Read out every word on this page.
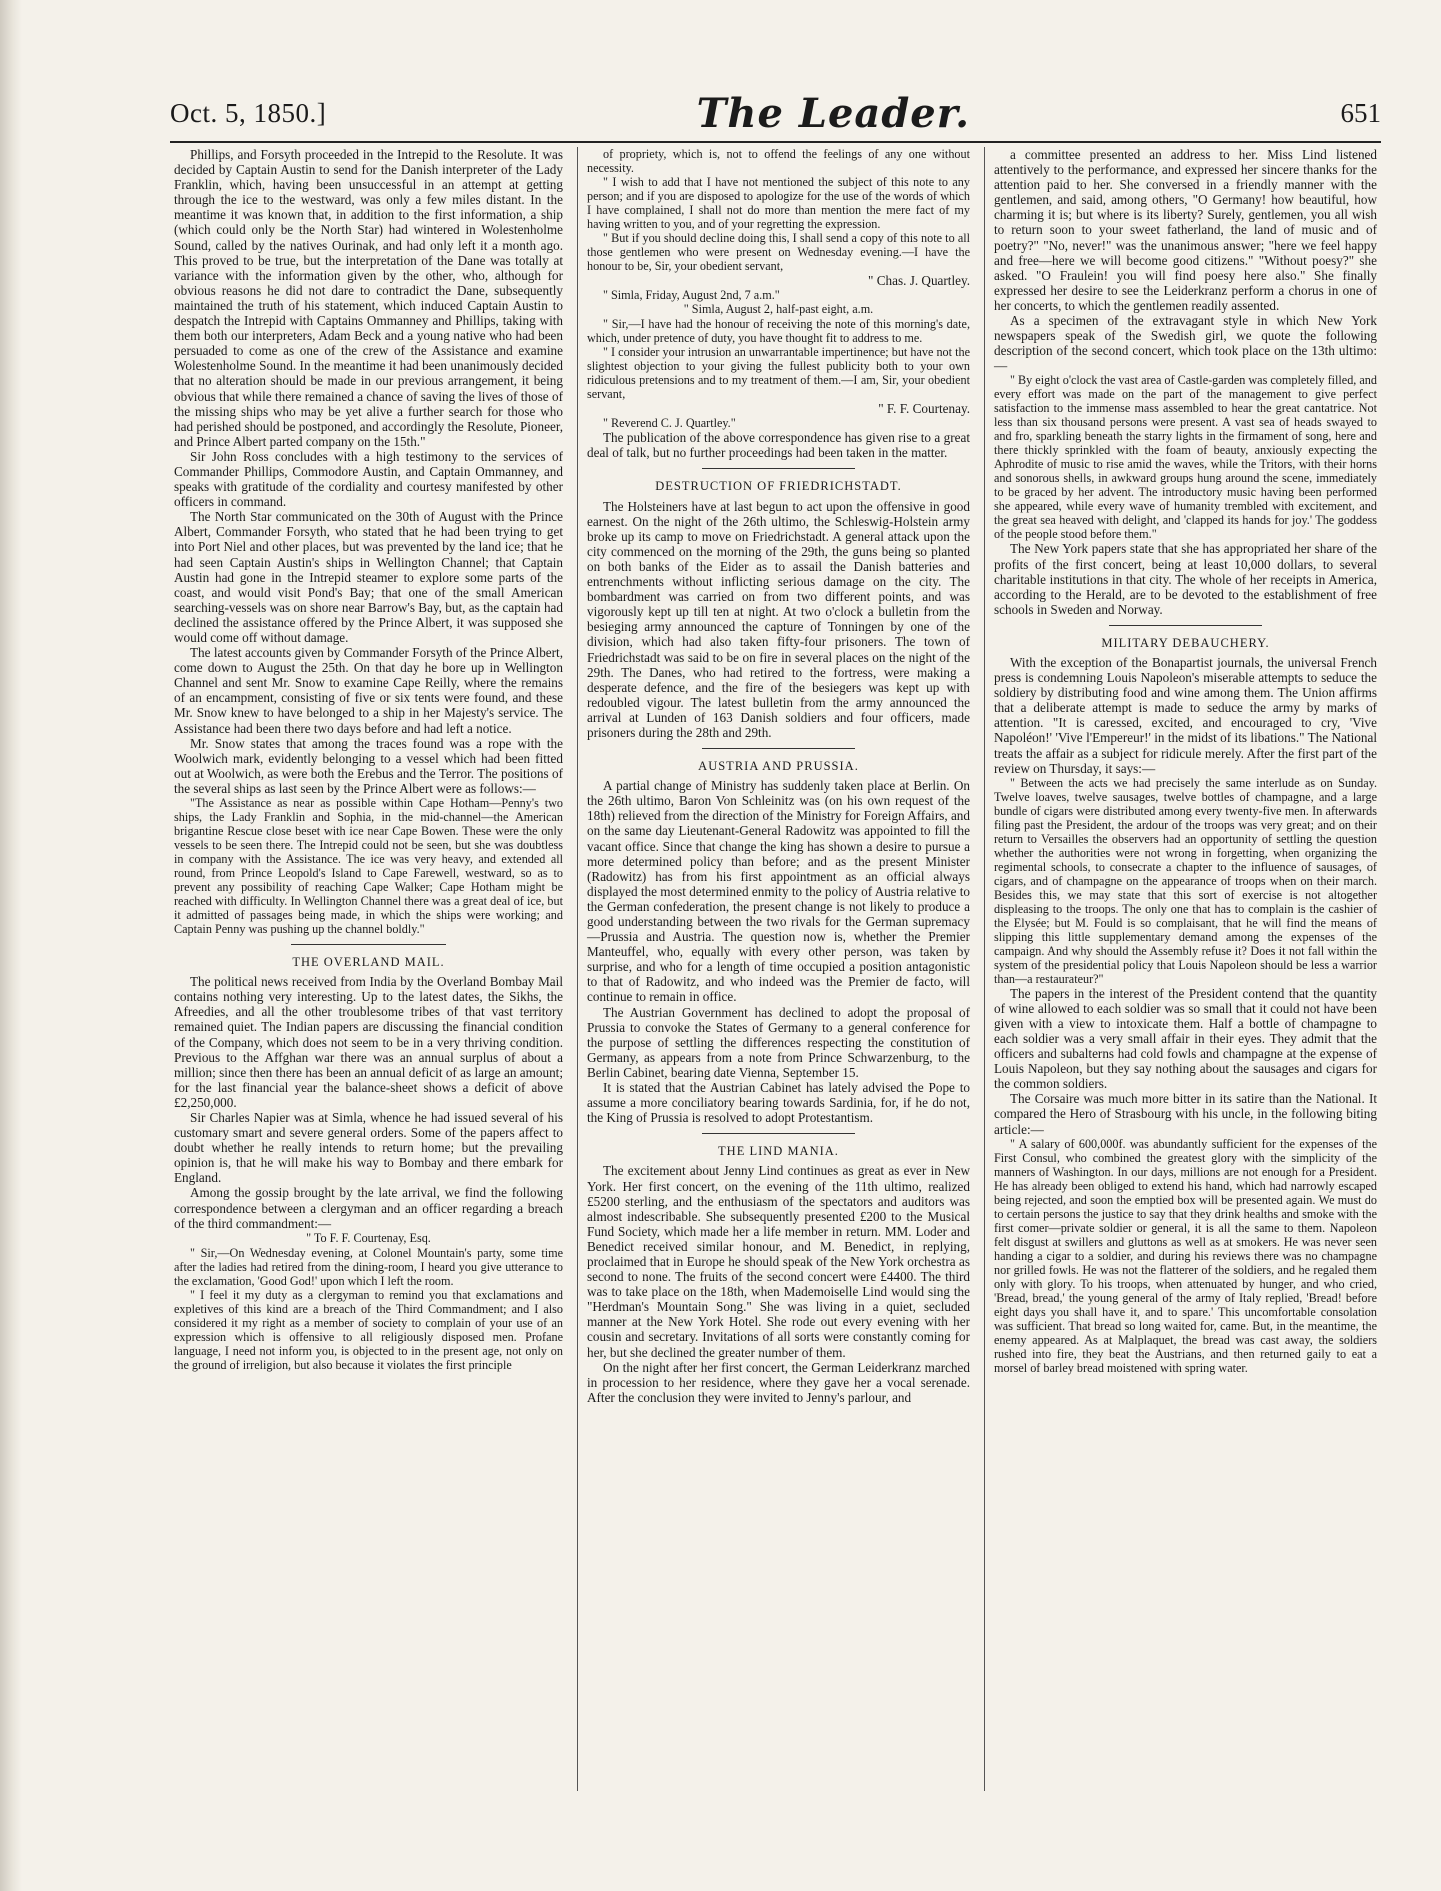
Oct. 5, 1850.]	The Leader.	651

Phillips, and Forsyth proceeded in the Intrepid to the Resolute. It was decided by Captain Austin to send for the Danish interpreter of the Lady Franklin, which, having been unsuccessful in an attempt at getting through the ice to the westward, was only a few miles distant. In the meantime it was known that, in addition to the first information, a ship (which could only be the North Star) had wintered in Wolestenholme Sound, called by the natives Ourinak, and had only left it a month ago. This proved to be true, but the interpretation of the Dane was totally at variance with the information given by the other, who, although for obvious reasons he did not dare to contradict the Dane, subsequently maintained the truth of his statement, which induced Captain Austin to despatch the Intrepid with Captains Ommanney and Phillips, taking with them both our interpreters, Adam Beck and a young native who had been persuaded to come as one of the crew of the Assistance and examine Wolestenholme Sound. In the meantime it had been unanimously decided that no alteration should be made in our previous arrangement, it being obvious that while there remained a chance of saving the lives of those of the missing ships who may be yet alive a further search for those who had perished should be postponed, and accordingly the Resolute, Pioneer, and Prince Albert parted company on the 15th."

Sir John Ross concludes with a high testimony to the services of Commander Phillips, Commodore Austin, and Captain Ommanney, and speaks with gratitude of the cordiality and courtesy manifested by other officers in command.

The North Star communicated on the 30th of August with the Prince Albert, Commander Forsyth, who stated that he had been trying to get into Port Niel and other places, but was prevented by the land ice; that he had seen Captain Austin's ships in Wellington Channel; that Captain Austin had gone in the Intrepid steamer to explore some parts of the coast, and would visit Pond's Bay; that one of the small American searching-vessels was on shore near Barrow's Bay, but, as the captain had declined the assistance offered by the Prince Albert, it was supposed she would come off without damage.

The latest accounts given by Commander Forsyth of the Prince Albert, come down to August the 25th. On that day he bore up in Wellington Channel and sent Mr. Snow to examine Cape Reilly, where the remains of an encampment, consisting of five or six tents were found, and these Mr. Snow knew to have belonged to a ship in her Majesty's service. The Assistance had been there two days before and had left a notice.

Mr. Snow states that among the traces found was a rope with the Woolwich mark, evidently belonging to a vessel which had been fitted out at Woolwich, as were both the Erebus and the Terror. The positions of the several ships as last seen by the Prince Albert were as follows:—

"The Assistance as near as possible within Cape Hotham—Penny's two ships, the Lady Franklin and Sophia, in the mid-channel—the American brigantine Rescue close beset with ice near Cape Bowen. These were the only vessels to be seen there. The Intrepid could not be seen, but she was doubtless in company with the Assistance. The ice was very heavy, and extended all round, from Prince Leopold's Island to Cape Farewell, westward, so as to prevent any possibility of reaching Cape Walker; Cape Hotham might be reached with difficulty. In Wellington Channel there was a great deal of ice, but it admitted of passages being made, in which the ships were working; and Captain Penny was pushing up the channel boldly."

THE OVERLAND MAIL.

The political news received from India by the Overland Bombay Mail contains nothing very interesting. Up to the latest dates, the Sikhs, the Afreedies, and all the other troublesome tribes of that vast territory remained quiet. The Indian papers are discussing the financial condition of the Company, which does not seem to be in a very thriving condition. Previous to the Affghan war there was an annual surplus of about a million; since then there has been an annual deficit of as large an amount; for the last financial year the balance-sheet shows a deficit of above £2,250,000.

Sir Charles Napier was at Simla, whence he had issued several of his customary smart and severe general orders. Some of the papers affect to doubt whether he really intends to return home; but the prevailing opinion is, that he will make his way to Bombay and there embark for England.

Among the gossip brought by the late arrival, we find the following correspondence between a clergyman and an officer regarding a breach of the third commandment:—

" To F. F. Courtenay, Esq.

" Sir,—On Wednesday evening, at Colonel Mountain's party, some time after the ladies had retired from the dining-room, I heard you give utterance to the exclamation, 'Good God!' upon which I left the room.

" I feel it my duty as a clergyman to remind you that exclamations and expletives of this kind are a breach of the Third Commandment; and I also considered it my right as a member of society to complain of your use of an expression which is offensive to all religiously disposed men. Profane language, I need not inform you, is objected to in the present age, not only on the ground of irreligion, but also because it violates the first principle

of propriety, which is, not to offend the feelings of any one without necessity.

" I wish to add that I have not mentioned the subject of this note to any person; and if you are disposed to apologize for the use of the words of which I have complained, I shall not do more than mention the mere fact of my having written to you, and of your regretting the expression.

" But if you should decline doing this, I shall send a copy of this note to all those gentlemen who were present on Wednesday evening.—I have the honour to be, Sir, your obedient servant,

" Chas. J. Quartley.

" Simla, Friday, August 2nd, 7 a.m."

" Simla, August 2, half-past eight, a.m.

" Sir,—I have had the honour of receiving the note of this morning's date, which, under pretence of duty, you have thought fit to address to me.

" I consider your intrusion an unwarrantable impertinence; but have not the slightest objection to your giving the fullest publicity both to your own ridiculous pretensions and to my treatment of them.—I am, Sir, your obedient servant,

" F. F. Courtenay.

" Reverend C. J. Quartley."

The publication of the above correspondence has given rise to a great deal of talk, but no further proceedings had been taken in the matter.

DESTRUCTION OF FRIEDRICHSTADT.

The Holsteiners have at last begun to act upon the offensive in good earnest. On the night of the 26th ultimo, the Schleswig-Holstein army broke up its camp to move on Friedrichstadt. A general attack upon the city commenced on the morning of the 29th, the guns being so planted on both banks of the Eider as to assail the Danish batteries and entrenchments without inflicting serious damage on the city. The bombardment was carried on from two different points, and was vigorously kept up till ten at night. At two o'clock a bulletin from the besieging army announced the capture of Tonningen by one of the division, which had also taken fifty-four prisoners. The town of Friedrichstadt was said to be on fire in several places on the night of the 29th. The Danes, who had retired to the fortress, were making a desperate defence, and the fire of the besiegers was kept up with redoubled vigour. The latest bulletin from the army announced the arrival at Lunden of 163 Danish soldiers and four officers, made prisoners during the 28th and 29th.

AUSTRIA AND PRUSSIA.

A partial change of Ministry has suddenly taken place at Berlin. On the 26th ultimo, Baron Von Schleinitz was (on his own request of the 18th) relieved from the direction of the Ministry for Foreign Affairs, and on the same day Lieutenant-General Radowitz was appointed to fill the vacant office. Since that change the king has shown a desire to pursue a more determined policy than before; and as the present Minister (Radowitz) has from his first appointment as an official always displayed the most determined enmity to the policy of Austria relative to the German confederation, the present change is not likely to produce a good understanding between the two rivals for the German supremacy—Prussia and Austria. The question now is, whether the Premier Manteuffel, who, equally with every other person, was taken by surprise, and who for a length of time occupied a position antagonistic to that of Radowitz, and who indeed was the Premier de facto, will continue to remain in office.

The Austrian Government has declined to adopt the proposal of Prussia to convoke the States of Germany to a general conference for the purpose of settling the differences respecting the constitution of Germany, as appears from a note from Prince Schwarzenburg, to the Berlin Cabinet, bearing date Vienna, September 15.

It is stated that the Austrian Cabinet has lately advised the Pope to assume a more conciliatory bearing towards Sardinia, for, if he do not, the King of Prussia is resolved to adopt Protestantism.

THE LIND MANIA.

The excitement about Jenny Lind continues as great as ever in New York. Her first concert, on the evening of the 11th ultimo, realized £5200 sterling, and the enthusiasm of the spectators and auditors was almost indescribable. She subsequently presented £200 to the Musical Fund Society, which made her a life member in return. MM. Loder and Benedict received similar honour, and M. Benedict, in replying, proclaimed that in Europe he should speak of the New York orchestra as second to none. The fruits of the second concert were £4400. The third was to take place on the 18th, when Mademoiselle Lind would sing the "Herdman's Mountain Song." She was living in a quiet, secluded manner at the New York Hotel. She rode out every evening with her cousin and secretary. Invitations of all sorts were constantly coming for her, but she declined the greater number of them.

On the night after her first concert, the German Leiderkranz marched in procession to her residence, where they gave her a vocal serenade. After the conclusion they were invited to Jenny's parlour, and

a committee presented an address to her. Miss Lind listened attentively to the performance, and expressed her sincere thanks for the attention paid to her. She conversed in a friendly manner with the gentlemen, and said, among others, "O Germany! how beautiful, how charming it is; but where is its liberty? Surely, gentlemen, you all wish to return soon to your sweet fatherland, the land of music and of poetry?" "No, never!" was the unanimous answer; "here we feel happy and free—here we will become good citizens." "Without poesy?" she asked. "O Fraulein! you will find poesy here also." She finally expressed her desire to see the Leiderkranz perform a chorus in one of her concerts, to which the gentlemen readily assented.

As a specimen of the extravagant style in which New York newspapers speak of the Swedish girl, we quote the following description of the second concert, which took place on the 13th ultimo:—

" By eight o'clock the vast area of Castle-garden was completely filled, and every effort was made on the part of the management to give perfect satisfaction to the immense mass assembled to hear the great cantatrice. Not less than six thousand persons were present. A vast sea of heads swayed to and fro, sparkling beneath the starry lights in the firmament of song, here and there thickly sprinkled with the foam of beauty, anxiously expecting the Aphrodite of music to rise amid the waves, while the Tritors, with their horns and sonorous shells, in awkward groups hung around the scene, immediately to be graced by her advent. The introductory music having been performed she appeared, while every wave of humanity trembled with excitement, and the great sea heaved with delight, and 'clapped its hands for joy.' The goddess of the people stood before them."

The New York papers state that she has appropriated her share of the profits of the first concert, being at least 10,000 dollars, to several charitable institutions in that city. The whole of her receipts in America, according to the Herald, are to be devoted to the establishment of free schools in Sweden and Norway.

MILITARY DEBAUCHERY.

With the exception of the Bonapartist journals, the universal French press is condemning Louis Napoleon's miserable attempts to seduce the soldiery by distributing food and wine among them. The Union affirms that a deliberate attempt is made to seduce the army by marks of attention. "It is caressed, excited, and encouraged to cry, 'Vive Napoléon!' 'Vive l'Empereur!' in the midst of its libations." The National treats the affair as a subject for ridicule merely. After the first part of the review on Thursday, it says:—

" Between the acts we had precisely the same interlude as on Sunday. Twelve loaves, twelve sausages, twelve bottles of champagne, and a large bundle of cigars were distributed among every twenty-five men. In afterwards filing past the President, the ardour of the troops was very great; and on their return to Versailles the observers had an opportunity of settling the question whether the authorities were not wrong in forgetting, when organizing the regimental schools, to consecrate a chapter to the influence of sausages, of cigars, and of champagne on the appearance of troops when on their march. Besides this, we may state that this sort of exercise is not altogether displeasing to the troops. The only one that has to complain is the cashier of the Elysée; but M. Fould is so complaisant, that he will find the means of slipping this little supplementary demand among the expenses of the campaign. And why should the Assembly refuse it? Does it not fall within the system of the presidential policy that Louis Napoleon should be less a warrior than—a restaurateur?"

The papers in the interest of the President contend that the quantity of wine allowed to each soldier was so small that it could not have been given with a view to intoxicate them. Half a bottle of champagne to each soldier was a very small affair in their eyes. They admit that the officers and subalterns had cold fowls and champagne at the expense of Louis Napoleon, but they say nothing about the sausages and cigars for the common soldiers.

The Corsaire was much more bitter in its satire than the National. It compared the Hero of Strasbourg with his uncle, in the following biting article:—

" A salary of 600,000f. was abundantly sufficient for the expenses of the First Consul, who combined the greatest glory with the simplicity of the manners of Washington. In our days, millions are not enough for a President. He has already been obliged to extend his hand, which had narrowly escaped being rejected, and soon the emptied box will be presented again. We must do to certain persons the justice to say that they drink healths and smoke with the first comer—private soldier or general, it is all the same to them. Napoleon felt disgust at swillers and gluttons as well as at smokers. He was never seen handing a cigar to a soldier, and during his reviews there was no champagne nor grilled fowls. He was not the flatterer of the soldiers, and he regaled them only with glory. To his troops, when attenuated by hunger, and who cried, 'Bread, bread,' the young general of the army of Italy replied, 'Bread! before eight days you shall have it, and to spare.' This uncomfortable consolation was sufficient. That bread so long waited for, came. But, in the meantime, the enemy appeared. As at Malplaquet, the bread was cast away, the soldiers rushed into fire, they beat the Austrians, and then returned gaily to eat a morsel of barley bread moistened with spring water.
